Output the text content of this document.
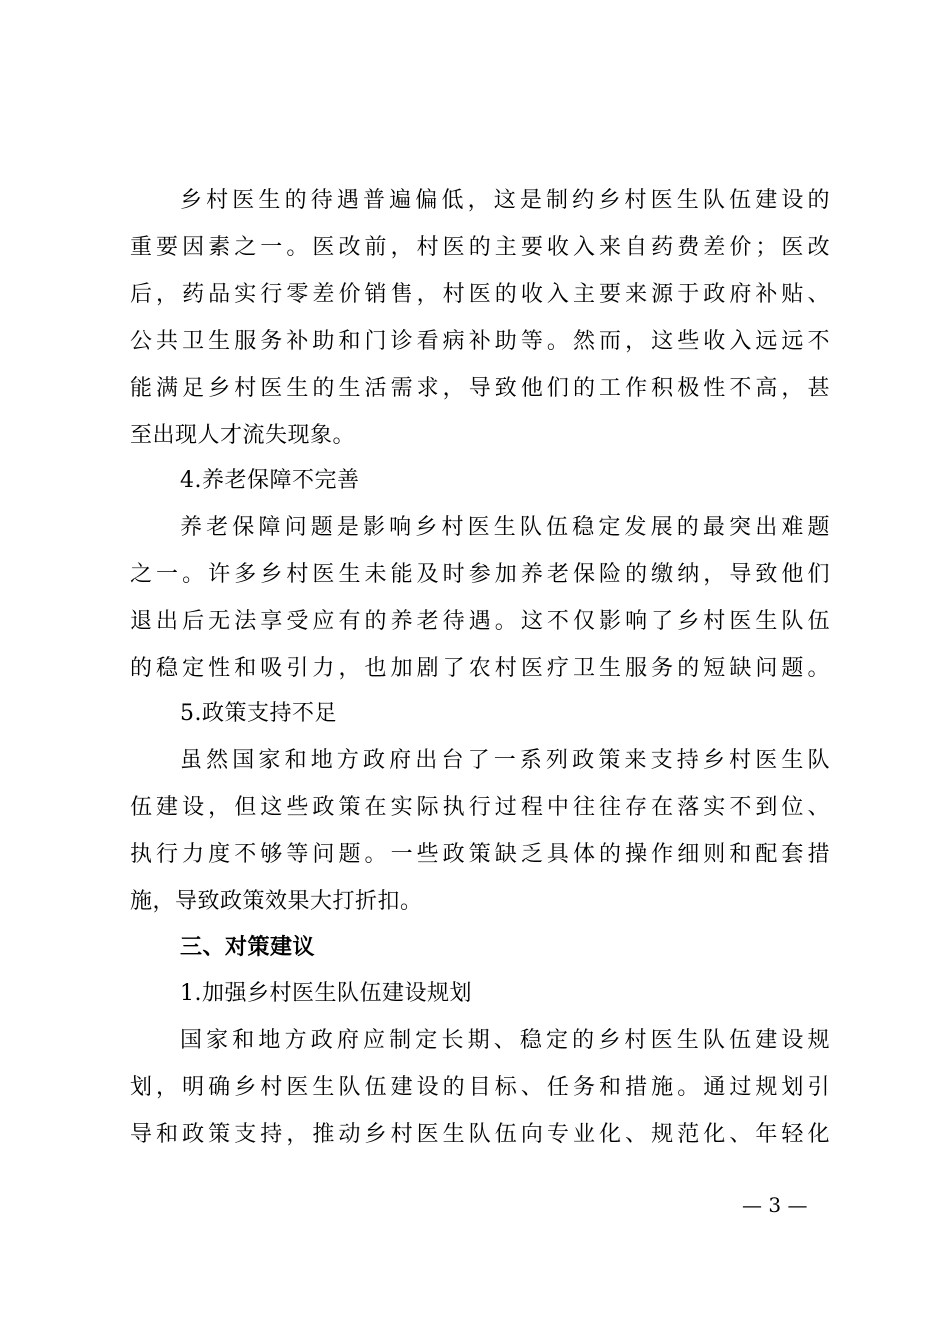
乡村医生的待遇普遍偏低，这是制约乡村医生队伍建设的
重要因素之一。医改前，村医的主要收入来自药费差价；医改
后，药品实行零差价销售，村医的收入主要来源于政府补贴、
公共卫生服务补助和门诊看病补助等。然而，这些收入远远不
能满足乡村医生的生活需求，导致他们的工作积极性不高，甚
至出现人才流失现象。
4.养老保障不完善
养老保障问题是影响乡村医生队伍稳定发展的最突出难题
之一。许多乡村医生未能及时参加养老保险的缴纳，导致他们
退出后无法享受应有的养老待遇。这不仅影响了乡村医生队伍
的稳定性和吸引力，也加剧了农村医疗卫生服务的短缺问题。
5.政策支持不足
虽然国家和地方政府出台了一系列政策来支持乡村医生队
伍建设，但这些政策在实际执行过程中往往存在落实不到位、
执行力度不够等问题。一些政策缺乏具体的操作细则和配套措
施，导致政策效果大打折扣。
三、对策建议
1.加强乡村医生队伍建设规划
国家和地方政府应制定长期、稳定的乡村医生队伍建设规
划，明确乡村医生队伍建设的目标、任务和措施。通过规划引
导和政策支持，推动乡村医生队伍向专业化、规范化、年轻化
— 3 —
